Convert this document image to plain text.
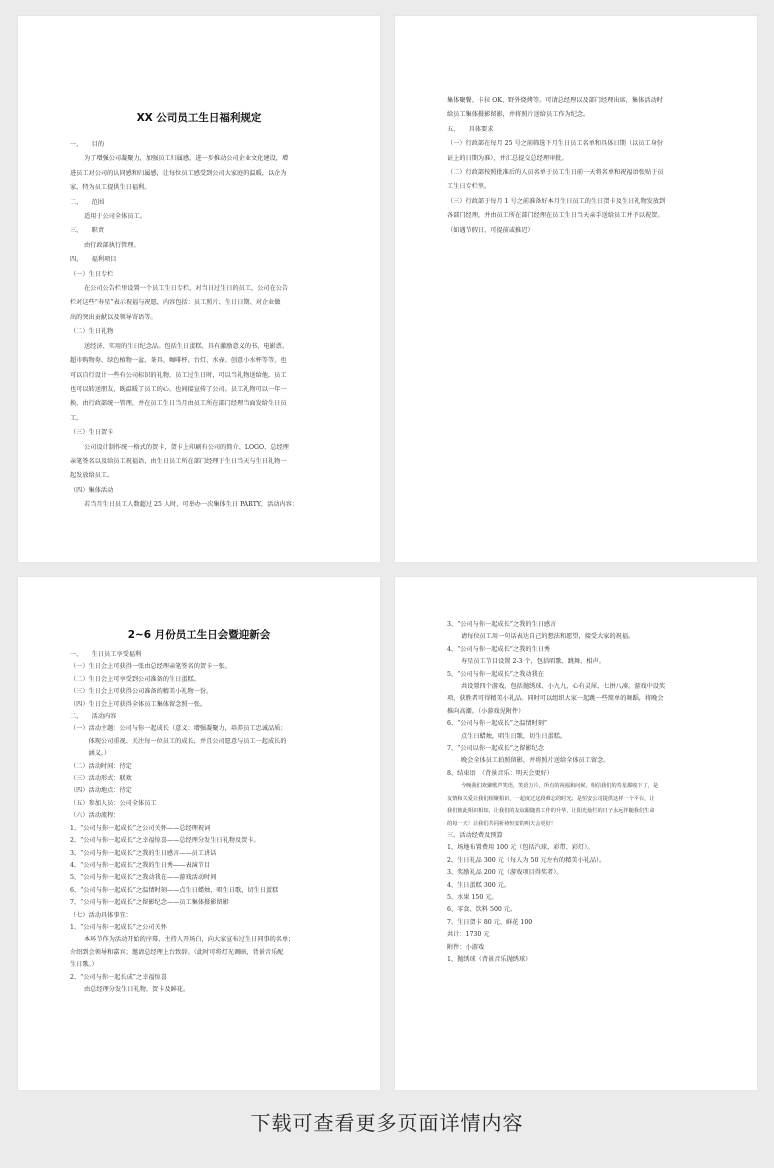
XX 公司员工生日福利规定
一、　　目的
为了增强公司凝聚力，加强员工归属感，进一步推动公司企业文化建设，增
进员工对公司的认同感和归属感，让每位员工感受到公司大家庭的温暖，以企为
家，特为员工提供生日福利。
二、　　范围
适用于公司全体员工。
三、　　职责
由行政部执行管理。
四、　　福利项目
（一）生日专栏
在公司公告栏里设置一个员工生日专栏，对当日过生日的员工，公司在公告
栏对这些“寿星”表示祝福与祝愿，内容包括：员工照片、生日日期、对企业做
出的突出贡献以及领导寄语等。
（二）生日礼物
送经济、实用的生日纪念品。包括生日蛋糕、具有激励意义的书、电影票、
超市购物券、绿色植物一盆、茶具、咖啡杯、台灯、水壶、创意小水杯等等，也
可以自行设计一些有公司标识的礼物，员工过生日时，可以当礼物送给他，员工
也可以转送朋友，既温暖了员工的心，也间接宣传了公司。员工礼物可以一年一
换，由行政部统一管理，并在员工生日当月由员工所在部门经理当面发给生日员
工。
（三）生日贺卡
公司设计制作统一格式的贺卡，贺卡上印刷有公司的简介、LOGO、总经理
亲笔签名以及给员工祝福语，由生日员工所在部门经理于生日当天与生日礼物一
起发放给员工。
（四）集体活动
若当月生日员工人数超过 25 人时，可举办一次集体生日 PARTY，活动内容：
集体聚餐、卡拉 OK、野外烧烤等。可请总经理以及部门经理出席，集体活动时
给员工集体摄影留影，并将照片送给员工作为纪念。
五、　　具体要求
（一）行政部在每月 25 号之前筛选下月生日员工名单和具体日期（以员工身份
证上的日期为准），并汇总提交总经理审批。
（二）行政部按照批准后的人员名单于员工生日前一天将名单和祝福语张贴于员
工生日专栏里。
（三）行政部于每月 1 号之前准备好本月生日员工的生日贺卡及生日礼物发放到
各部门经理，并由员工所在部门经理在员工生日当天亲手送给员工并予以祝贺。
（如遇节假日，可提前或推迟）
2~6 月份员工生日会暨迎新会
一、　　生日员工享受福利
（一）生日会上可获得一张由总经理亲笔签名的贺卡一张。
（二）生日会上可享受到公司准备的生日蛋糕。
（三）生日会上可获得公司准备的精美小礼物一份。
（四）生日会上可获得全体员工集体留念照一张。
二、　　活动内容
（一）活动主题：公司与你一起成长（意义：增强凝聚力，培养员工忠诚品质；
　　　体现公司重视、关注每一位员工的成长，并且公司愿意与员工一起成长的
　　　涵义。）
（二）活动时间：待定
（三）活动形式：联欢
（四）活动地点：待定
（五）参加人员：公司全体员工
（六）活动流程：
1、“公司与你一起成长”之公司关怀——总经理祝词
2、“公司与你一起成长”之幸福惊喜——总经理分发生日礼物及贺卡。
3、“公司与你一起成长”之我的生日感言——员工讲话
4、“公司与你一起成长”之我的生日秀——表演节目
5、“公司与你一起成长”之我动我在——游戏活动时间
6、“公司与你一起成长”之温情时刻——点生日蜡烛，唱生日歌，切生日蛋糕
7、“公司与你一起成长”之留影纪念——员工集体摄影留影
（七）活动具体事宜：
1、“公司与你一起成长”之公司关怀
本环节作为活动开始的序幕，主持人开场白，向大家宣布过生日同事的名单；
介绍到会领导和嘉宾；邀请总经理上台致辞。（此时可将灯光调暗，背景音乐配
生日歌。）
2、“公司与你一起长成”之幸福惊喜
由总经理分发生日礼物、贺卡及鲜花。
3、“公司与你一起成长”之我的生日感言
请每位员工用一句话表达自己的想法和愿望，接受大家的祝福。
4、“公司与你一起成长”之我的生日秀
寿星员工节目设置 2-3 个，包括唱歌、跳舞、相声。
5、“公司与你一起成长”之我动我在
共设置四个游戏，包括抛绣球、小九九、心有灵犀、七拼八凑。游戏中设奖
项，获胜者可得精美小礼品。同时可以组织大家一起跳一些简单的舞蹈，将晚会
推向高潮。（小游戏见附件）
6、“公司与你一起成长”之温情时刻”
点生日蜡烛，唱生日歌，切生日蛋糕。
7、“公司以你一起成长”之留影纪念
晚会全体员工拍照留影，并将照片送给全体员工留念。
8、结束语　（背景音乐：明天会更好）
今晚我们欢聚歌声笑语，笑语万片，所有的祝福和问候，相信我们的寿星都收下了，是
友情和关爱让我们相聚相识，一起度过这段难忘的时光；是恒安公司提供这样一个平台，让
我们彼此相识相知，让我们的友谊跟随着工作的升华，让阳光灿烂的日子永远伴随我们生命
的每一天！让我们共同祈祷恒安的明天会更好！
三、活动经费及预算
1、场地布置费用 100 元（包括汽球、彩带、彩灯）。
2、生日礼品 300 元（每人为 50 元左右的精美小礼品）。
3、奖励礼品 200 元（游戏项目得奖者）。
4、生日蛋糕 300 元。
5、水果 150 元。
6、零食、饮料 500 元。
7、生日贺卡 80 元、鲜花 100
共计：1730 元
附件：小游戏
1、抛绣球（背景音乐抛绣球）
下载可查看更多页面详情内容
